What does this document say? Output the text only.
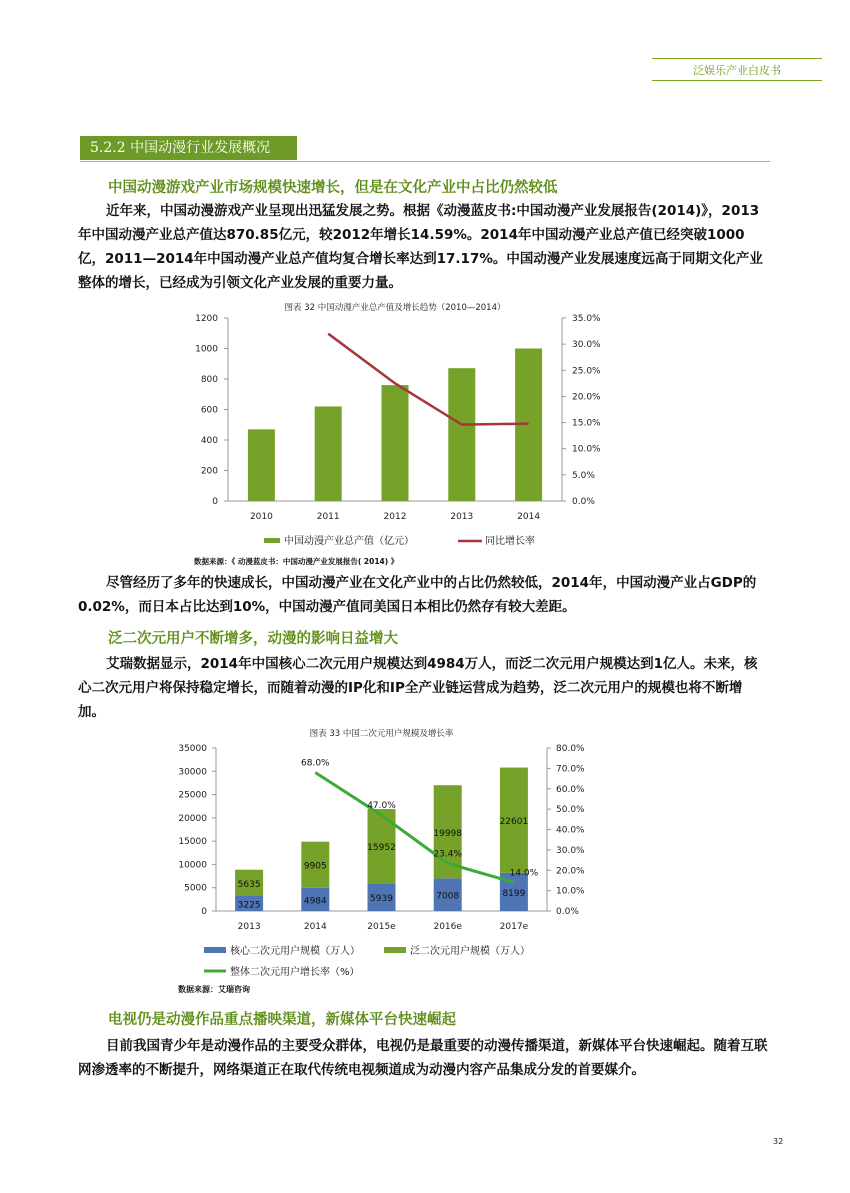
泛娱乐产业白皮书
5.2.2 中国动漫行业发展概况
中国动漫游戏产业市场规模快速增长，但是在文化产业中占比仍然较低

近年来，中国动漫游戏产业呈现出迅猛发展之势。根据《动漫蓝皮书:中国动漫产业发展报告(2014)》，2013年中国动漫产业总产值达870.85亿元，较2012年增长14.59%。2014年中国动漫产业总产值已经突破1000亿，2011—2014年中国动漫产业总产值均复合增长率达到17.17%。中国动漫产业发展速度远高于同期文化产业整体的增长，已经成为引领文化产业发展的重要力量。

图表 32 中国动漫产业总产值及增长趋势（2010—2014）
0
200
400
600
800
1000
1200
0.0%
5.0%
10.0%
15.0%
20.0%
25.0%
30.0%
35.0%
2010	2011	2012	2013	2014
中国动漫产业总产值（亿元）	同比增长率
数据来源：《 动漫蓝皮书：中国动漫产业发展报告( 2014) 》

尽管经历了多年的快速成长，中国动漫产业在文化产业中的占比仍然较低，2014年，中国动漫产业占GDP的0.02%，而日本占比达到10%，中国动漫产值同美国日本相比仍然存有较大差距。

泛二次元用户不断增多，动漫的影响日益增大

艾瑞数据显示，2014年中国核心二次元用户规模达到4984万人，而泛二次元用户规模达到1亿人。未来，核心二次元用户将保持稳定增长，而随着动漫的IP化和IP全产业链运营成为趋势，泛二次元用户的规模也将不断增加。

图表 33 中国二次元用户规模及增长率
0
5000
10000
15000
20000
25000
30000
35000
0.0%
10.0%
20.0%
30.0%
40.0%
50.0%
60.0%
70.0%
80.0%
3225
5635
2013
4984
9905
2014
5939
15952
2015e
7008
19998
2016e
8199
22601
2017e
68.0%
47.0%
23.4%
14.0%
核心二次元用户规模（万人）	泛二次元用户规模（万人）
整体二次元用户增长率（%）
数据来源：艾瑞咨询
电视仍是动漫作品重点播映渠道，新媒体平台快速崛起

目前我国青少年是动漫作品的主要受众群体，电视仍是最重要的动漫传播渠道，新媒体平台快速崛起。随着互联网渗透率的不断提升，网络渠道正在取代传统电视频道成为动漫内容产品集成分发的首要媒介。

32
